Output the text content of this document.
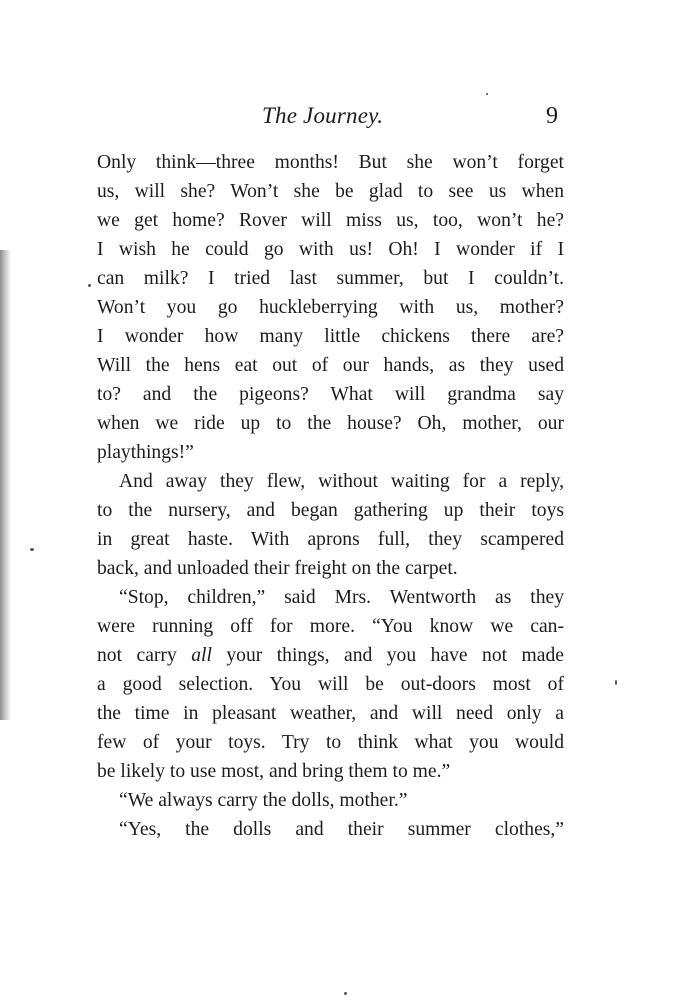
The Journey.	9
Only think—three months! But she won’t forget
us, will she? Won’t she be glad to see us when
we get home? Rover will miss us, too, won’t he?
I wish he could go with us! Oh! I wonder if I
can milk? I tried last summer, but I couldn’t.
Won’t you go huckleberrying with us, mother?
I wonder how many little chickens there are?
Will the hens eat out of our hands, as they used
to? and the pigeons? What will grandma say
when we ride up to the house? Oh, mother, our
playthings!”
And away they flew, without waiting for a reply,
to the nursery, and began gathering up their toys
in great haste. With aprons full, they scampered
back, and unloaded their freight on the carpet.
“Stop, children,” said Mrs. Wentworth as they
were running off for more. “You know we can-
not carry all your things, and you have not made
a good selection. You will be out-doors most of
the time in pleasant weather, and will need only a
few of your toys. Try to think what you would
be likely to use most, and bring them to me.”
“We always carry the dolls, mother.”
“Yes, the dolls and their summer clothes,”
